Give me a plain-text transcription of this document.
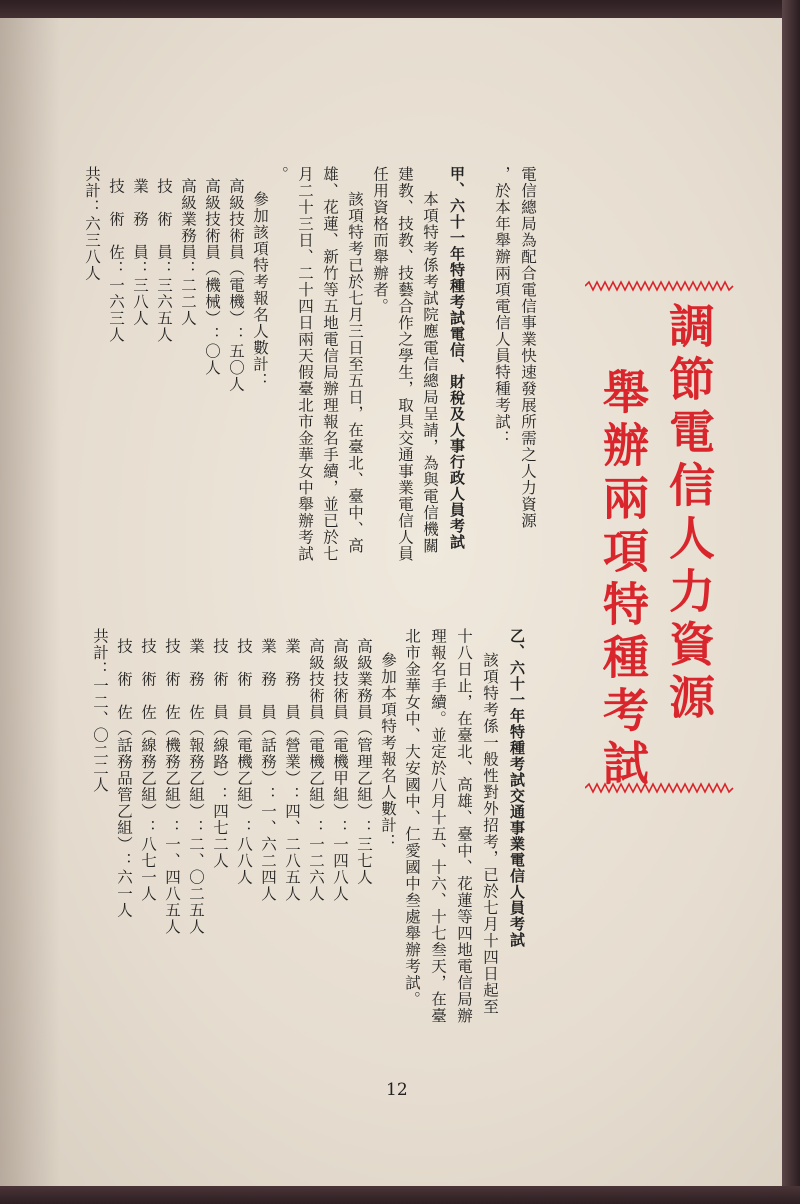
調節電信人力資源
舉辦兩項特種考試
電信總局為配合電信事業快速發展所需之人力資源
，於本年舉辦兩項電信人員特種考試：
甲、六十一年特種考試電信、財稅及人事行政人員考試
本項特考係考試院應電信總局呈請，為與電信機關
建教、技教、技藝合作之學生，取具交通事業電信人員
任用資格而舉辦者。
該項特考已於七月三日至五日，在臺北、臺中、高
雄、花蓮、新竹等五地電信局辦理報名手續，並已於七
月二十三日、二十四日兩天假臺北市金華女中舉辦考試
。
參加該項特考報名人數計：
高級技術員（電機）：五〇人
高級技術員（機械）：〇人
高級業務員：二二人
技　術　員：三六五人
業　務　員：三八人
技　術　佐：一六三人
共計：六三八人
乙、六十一年特種考試交通事業電信人員考試
該項特考係一般性對外招考，已於七月十四日起至
十八日止，在臺北、高雄、臺中、花蓮等四地電信局辦
理報名手續。並定於八月十五、十六、十七叁天，在臺
北市金華女中、大安國中、仁愛國中叁處舉辦考試。
參加本項特考報名人數計：
高級業務員（管理乙組）：三七人
高級技術員（電機甲組）：一四八人
高級技術員（電機乙組）：一二六人
業　務　員（營業）：四、二八五人
業　務　員（話務）：一、六二四人
技　術　員（電機乙組）：八八人
技　術　員（線路）：四七二人
業　務　佐（報務乙組）：二、〇二五人
技　術　佐（機務乙組）：一、四八五人
技　術　佐（線務乙組）：八七一人
技　術　佐（話務品管乙組）：六一人
共計：一二、〇二二人
12
